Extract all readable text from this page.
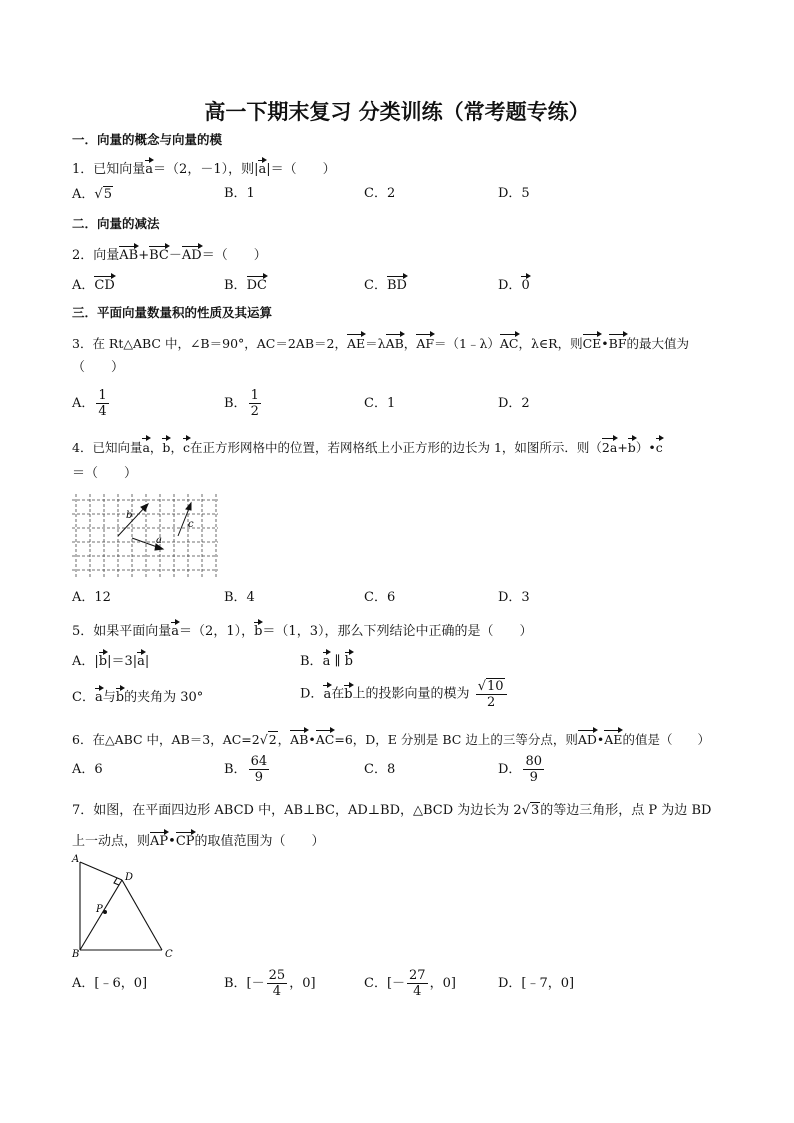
高一下期末复习 分类训练（常考题专练）
一．向量的概念与向量的模
1．已知向量a＝（2，－1），则|a|＝（　　）
A．√5	B．1	C．2	D．5
二．向量的减法
2．向量AB+BC－AD＝（　　）
A．CD	B．DC	C．BD	D．0
三．平面向量数量积的性质及其运算
3．在 Rt△ABC 中，∠B＝90°，AC＝2AB＝2，AE＝λAB，AF＝（1﹣λ）AC，λ∈R，则CE•BF的最大值为
（　　）
A． $\frac{1}{4}$	B． $\frac{1}{2}$	C．1	D．2
4．已知向量a，b，c在正方形网格中的位置，若网格纸上小正方形的边长为 1，如图所示．则（2a+b）•c
＝（　　）
b
a
c
A．12	B．4	C．6	D．3
5．如果平面向量a＝（2，1），b＝（1，3），那么下列结论中正确的是（　　）
A．|b|＝3|a|	B．a ∥ b
C．a与b的夹角为 30°	D．a在b上的投影向量的模为 $\frac{√10}{2}$
6．在△ABC 中，AB＝3，AC=2√2，AB•AC=6，D，E 分别是 BC 边上的三等分点，则AD•AE的值是（　　）
A．6	B． $\frac{64}{9}$	C．8	D． $\frac{80}{9}$
7．如图，在平面四边形 ABCD 中，AB⊥BC，AD⊥BD，△BCD 为边长为 2√3的等边三角形，点 P 为边 BD
上一动点，则AP•CP的取值范围为（　　）
A
D
P
B	C
A．[﹣6，0]	B．[－ $\frac{25}{4}$ ，0]	C．[－ $\frac{27}{4}$ ，0]	D．[﹣7，0]
